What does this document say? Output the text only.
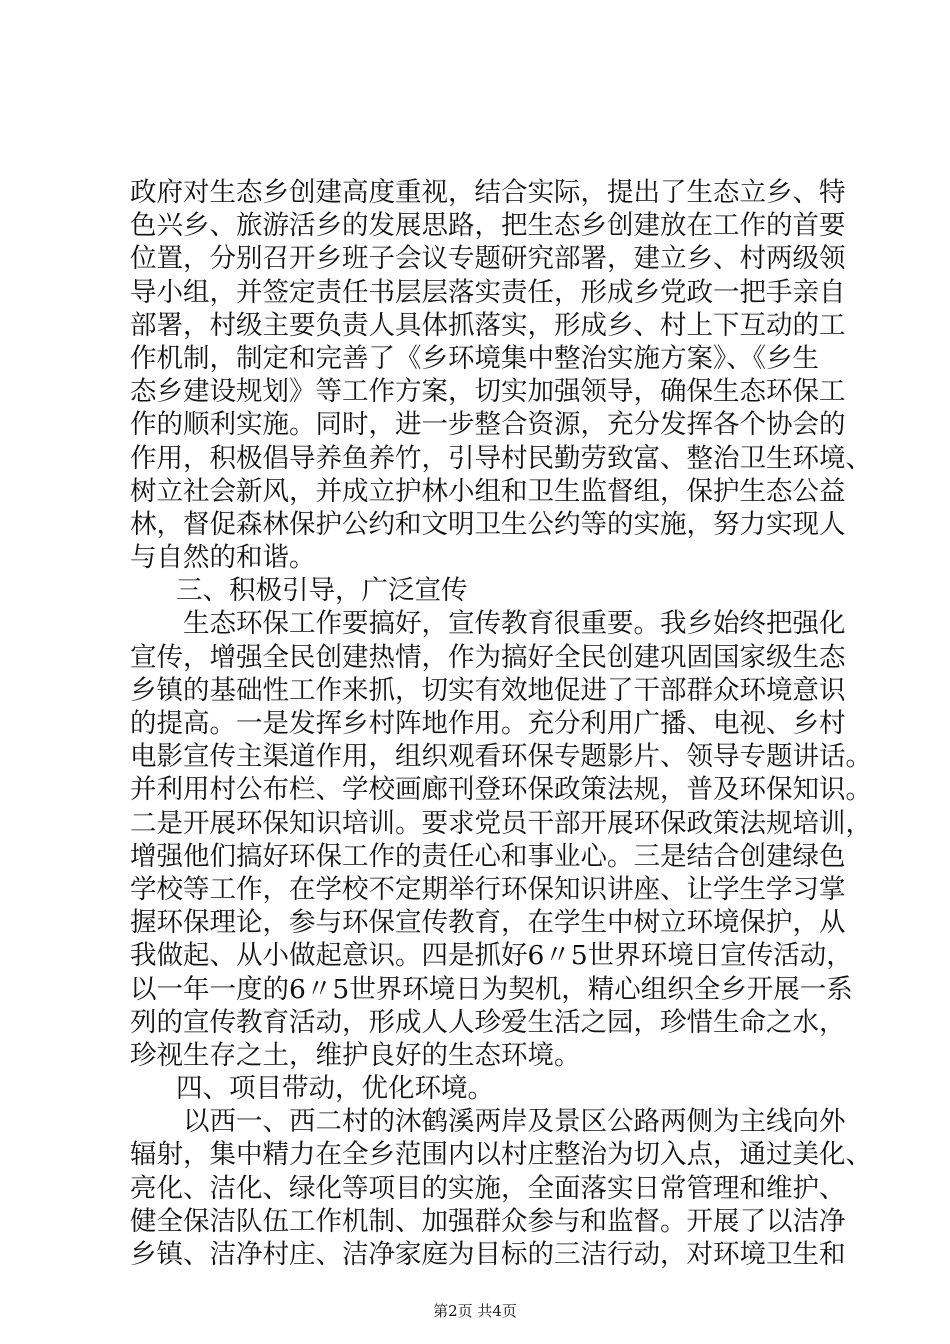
政府对生态乡创建高度重视，结合实际，提出了生态立乡、特
色兴乡、旅游活乡的发展思路，把生态乡创建放在工作的首要
位置，分别召开乡班子会议专题研究部署，建立乡、村两级领
导小组，并签定责任书层层落实责任，形成乡党政一把手亲自
部署，村级主要负责人具体抓落实，形成乡、村上下互动的工
作机制，制定和完善了《乡环境集中整治实施方案》、《乡生
态乡建设规划》等工作方案，切实加强领导，确保生态环保工
作的顺利实施。同时，进一步整合资源，充分发挥各个协会的
作用，积极倡导养鱼养竹，引导村民勤劳致富、整治卫生环境、
树立社会新风，并成立护林小组和卫生监督组，保护生态公益
林，督促森林保护公约和文明卫生公约等的实施，努力实现人
与自然的和谐。
三、积极引导，广泛宣传
生态环保工作要搞好，宣传教育很重要。我乡始终把强化
宣传，增强全民创建热情，作为搞好全民创建巩固国家级生态
乡镇的基础性工作来抓，切实有效地促进了干部群众环境意识
的提高。一是发挥乡村阵地作用。充分利用广播、电视、乡村
电影宣传主渠道作用，组织观看环保专题影片、领导专题讲话。
并利用村公布栏、学校画廊刊登环保政策法规，普及环保知识。
二是开展环保知识培训。要求党员干部开展环保政策法规培训，
增强他们搞好环保工作的责任心和事业心。三是结合创建绿色
学校等工作，在学校不定期举行环保知识讲座、让学生学习掌
握环保理论，参与环保宣传教育，在学生中树立环境保护，从
我做起、从小做起意识。四是抓好6〃5世界环境日宣传活动，
以一年一度的6〃5世界环境日为契机，精心组织全乡开展一系
列的宣传教育活动，形成人人珍爱生活之园，珍惜生命之水，
珍视生存之土，维护良好的生态环境。
四、项目带动，优化环境。
以西一、西二村的沐鹤溪两岸及景区公路两侧为主线向外
辐射，集中精力在全乡范围内以村庄整治为切入点，通过美化、
亮化、洁化、绿化等项目的实施，全面落实日常管理和维护、
健全保洁队伍工作机制、加强群众参与和监督。开展了以洁净
乡镇、洁净村庄、洁净家庭为目标的三洁行动，对环境卫生和
第2页 共4页
